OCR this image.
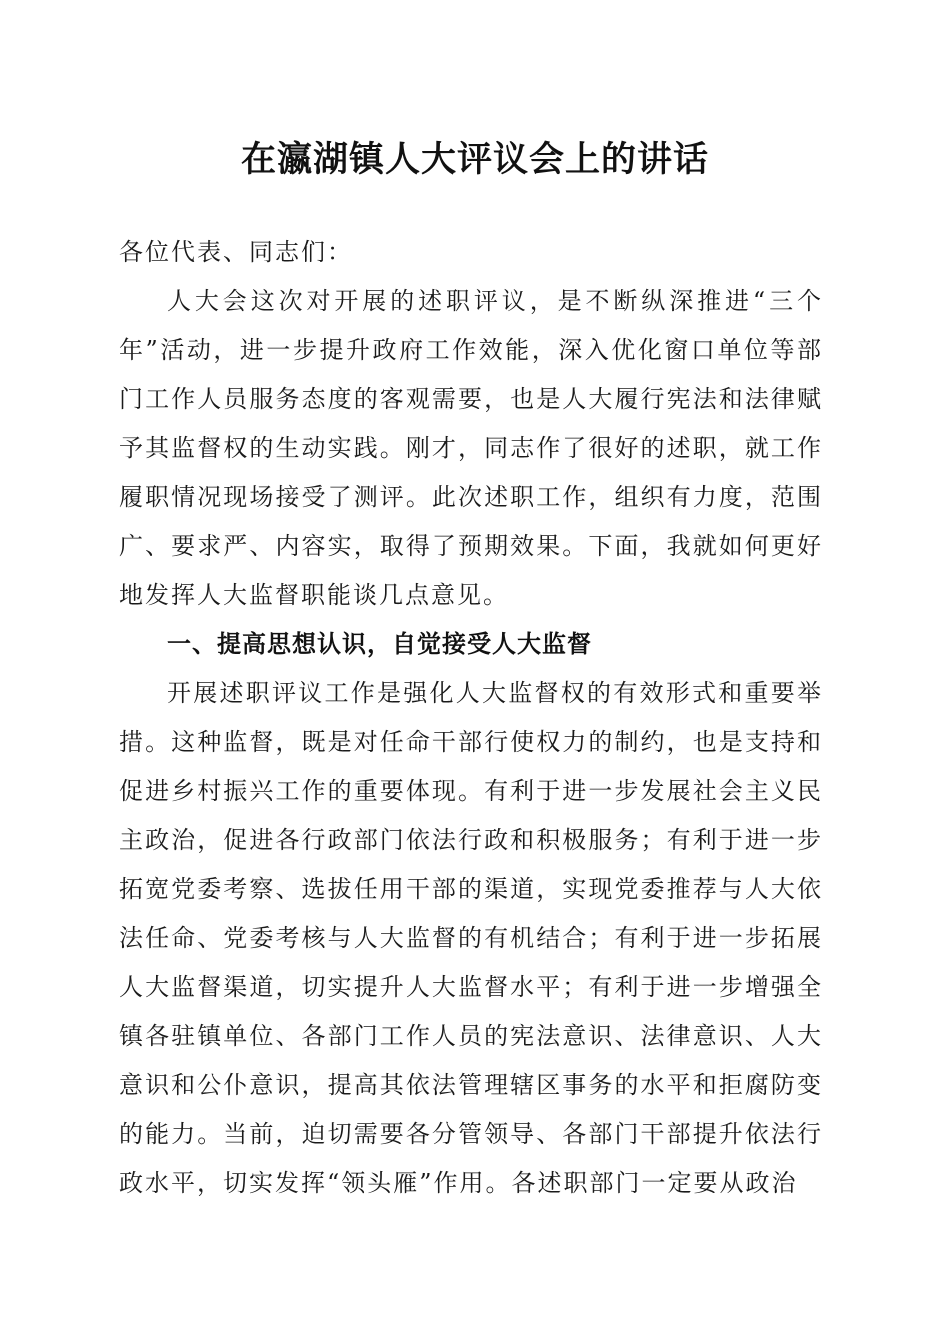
在瀛湖镇人大评议会上的讲话

各位代表、同志们：

人大会这次对开展的述职评议，是不断纵深推进“三个年”活动，进一步提升政府工作效能，深入优化窗口单位等部门工作人员服务态度的客观需要，也是人大履行宪法和法律赋予其监督权的生动实践。刚才，同志作了很好的述职，就工作履职情况现场接受了测评。此次述职工作，组织有力度，范围广、要求严、内容实，取得了预期效果。下面，我就如何更好地发挥人大监督职能谈几点意见。

一、提高思想认识，自觉接受人大监督

开展述职评议工作是强化人大监督权的有效形式和重要举措。这种监督，既是对任命干部行使权力的制约，也是支持和促进乡村振兴工作的重要体现。有利于进一步发展社会主义民主政治，促进各行政部门依法行政和积极服务；有利于进一步拓宽党委考察、选拔任用干部的渠道，实现党委推荐与人大依法任命、党委考核与人大监督的有机结合；有利于进一步拓展人大监督渠道，切实提升人大监督水平；有利于进一步增强全镇各驻镇单位、各部门工作人员的宪法意识、法律意识、人大意识和公仆意识，提高其依法管理辖区事务的水平和拒腐防变的能力。当前，迫切需要各分管领导、各部门干部提升依法行政水平，切实发挥“领头雁”作用。各述职部门一定要从政治
